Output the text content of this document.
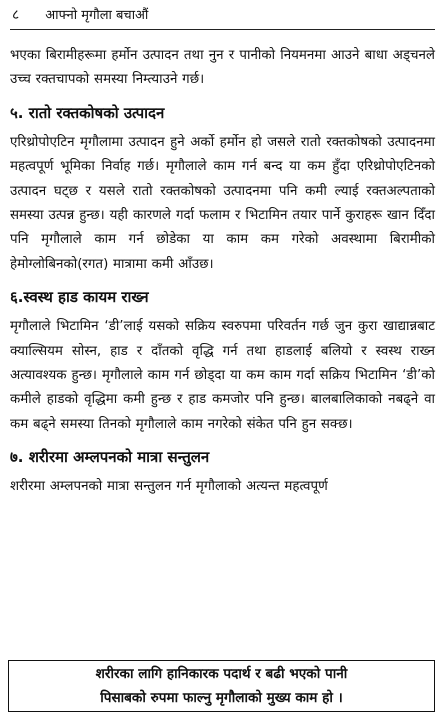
८ आफ्नो मृगौला बचाऔं

भएका बिरामीहरूमा हर्मोन उत्पादन तथा नुन र पानीको नियमनमा आउने बाधा अड्चनले उच्च रक्तचापको समस्या निम्त्याउने गर्छ।

५. रातो रक्तकोषको उत्पादन

एरिथ्रोपोएटिन मृगौलामा उत्पादन हुने अर्को हर्मोन हो जसले रातो रक्तकोषको उत्पादनमा महत्वपूर्ण भूमिका निर्वाह गर्छ। मृगौलाले काम गर्न बन्द या कम हुँदा एरिथ्रोपोएटिनको उत्पादन घट्छ र यसले रातो रक्तकोषको उत्पादनमा पनि कमी ल्याई रक्तअल्पताको समस्या उत्पन्न हुन्छ। यही कारणले गर्दा फलाम र भिटामिन तयार पार्ने कुराहरू खान दिँदा पनि मृगौलाले काम गर्न छोडेका या काम कम गरेको अवस्थामा बिरामीको हेमोग्लोबिनको(रगत) मात्रामा कमी आँउछ।

६.स्वस्थ हाड कायम राख्न

मृगौलाले भिटामिन ‘डी’लाई यसको सक्रिय स्वरुपमा परिवर्तन गर्छ जुन कुरा खाद्यान्नबाट क्याल्सियम सोस्न, हाड र दाँतको वृद्धि गर्न तथा हाडलाई बलियो र स्वस्थ राख्न अत्यावश्यक हुन्छ। मृगौलाले काम गर्न छोड्दा या कम काम गर्दा सक्रिय भिटामिन ‘डी’को कमीले हाडको वृद्धिमा कमी हुन्छ र हाड कमजोर पनि हुन्छ। बालबालिकाको नबढ्ने वा कम बढ्ने समस्या तिनको मृगौलाले काम नगरेको संकेत पनि हुन सक्छ।

७. शरीरमा अम्लपनको मात्रा सन्तुलन

शरीरमा अम्लपनको मात्रा सन्तुलन गर्न मृगौलाको अत्यन्त महत्वपूर्ण

शरीरका लागि हानिकारक पदार्थ र बढी भएको पानी
पिसाबको रुपमा फाल्नु मृगौलाको मुख्य काम हो ।
